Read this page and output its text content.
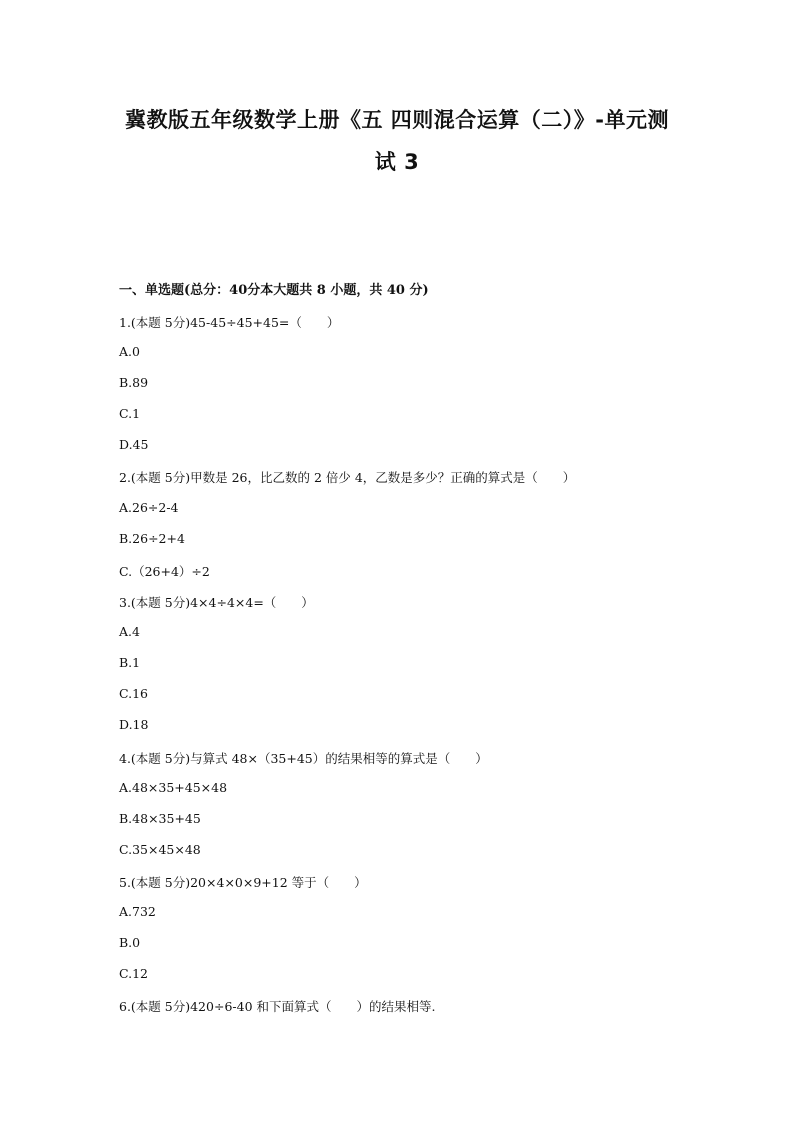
冀教版五年级数学上册《五 四则混合运算（二）》-单元测
试 3
一、单选题(总分：40分本大题共 8 小题，共 40 分)
1.(本题 5分)45-45÷45+45=（　　）
A.0
B.89
C.1
D.45
2.(本题 5分)甲数是 26，比乙数的 2 倍少 4，乙数是多少？正确的算式是（　　）
A.26÷2-4
B.26÷2+4
C.（26+4）÷2
3.(本题 5分)4×4÷4×4=（　　）
A.4
B.1
C.16
D.18
4.(本题 5分)与算式 48×（35+45）的结果相等的算式是（　　）
A.48×35+45×48
B.48×35+45
C.35×45×48
5.(本题 5分)20×4×0×9+12 等于（　　）
A.732
B.0
C.12
6.(本题 5分)420÷6-40 和下面算式（　　）的结果相等.
